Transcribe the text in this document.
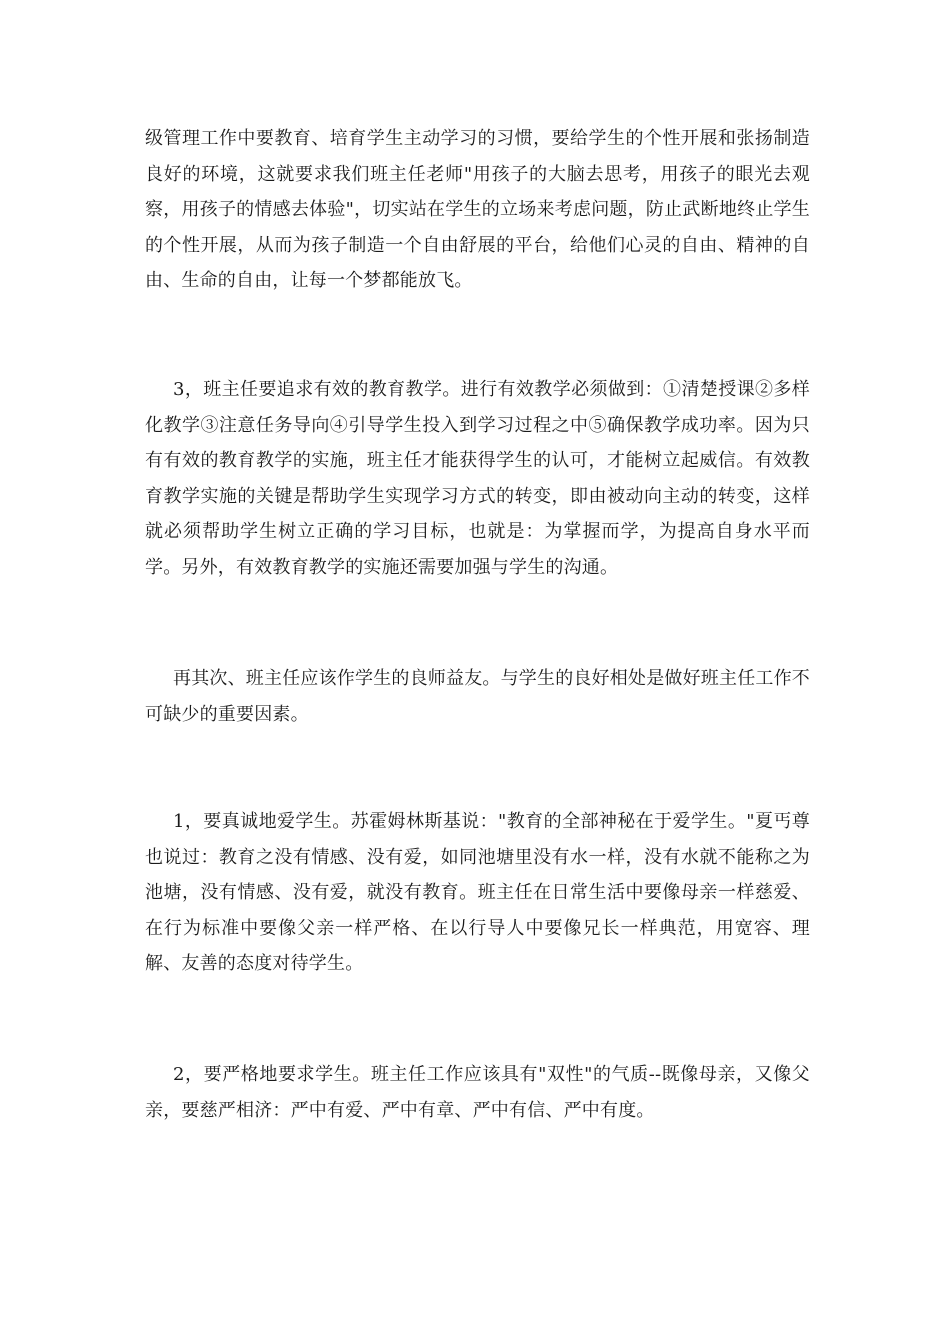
级管理工作中要教育、培育学生主动学习的习惯，要给学生的个性开展和张扬制造良好的环境，这就要求我们班主任老师"用孩子的大脑去思考，用孩子的眼光去观察，用孩子的情感去体验"，切实站在学生的立场来考虑问题，防止武断地终止学生的个性开展，从而为孩子制造一个自由舒展的平台，给他们心灵的自由、精神的自由、生命的自由，让每一个梦都能放飞。

3，班主任要追求有效的教育教学。进行有效教学必须做到：①清楚授课②多样化教学③注意任务导向④引导学生投入到学习过程之中⑤确保教学成功率。因为只有有效的教育教学的实施，班主任才能获得学生的认可，才能树立起威信。有效教育教学实施的关键是帮助学生实现学习方式的转变，即由被动向主动的转变，这样就必须帮助学生树立正确的学习目标，也就是：为掌握而学，为提高自身水平而学。另外，有效教育教学的实施还需要加强与学生的沟通。

再其次、班主任应该作学生的良师益友。与学生的良好相处是做好班主任工作不可缺少的重要因素。

1，要真诚地爱学生。苏霍姆林斯基说："教育的全部神秘在于爱学生。"夏丐尊也说过：教育之没有情感、没有爱，如同池塘里没有水一样，没有水就不能称之为池塘，没有情感、没有爱，就没有教育。班主任在日常生活中要像母亲一样慈爱、在行为标准中要像父亲一样严格、在以行导人中要像兄长一样典范，用宽容、理解、友善的态度对待学生。

2，要严格地要求学生。班主任工作应该具有"双性"的气质--既像母亲，又像父亲，要慈严相济：严中有爱、严中有章、严中有信、严中有度。
